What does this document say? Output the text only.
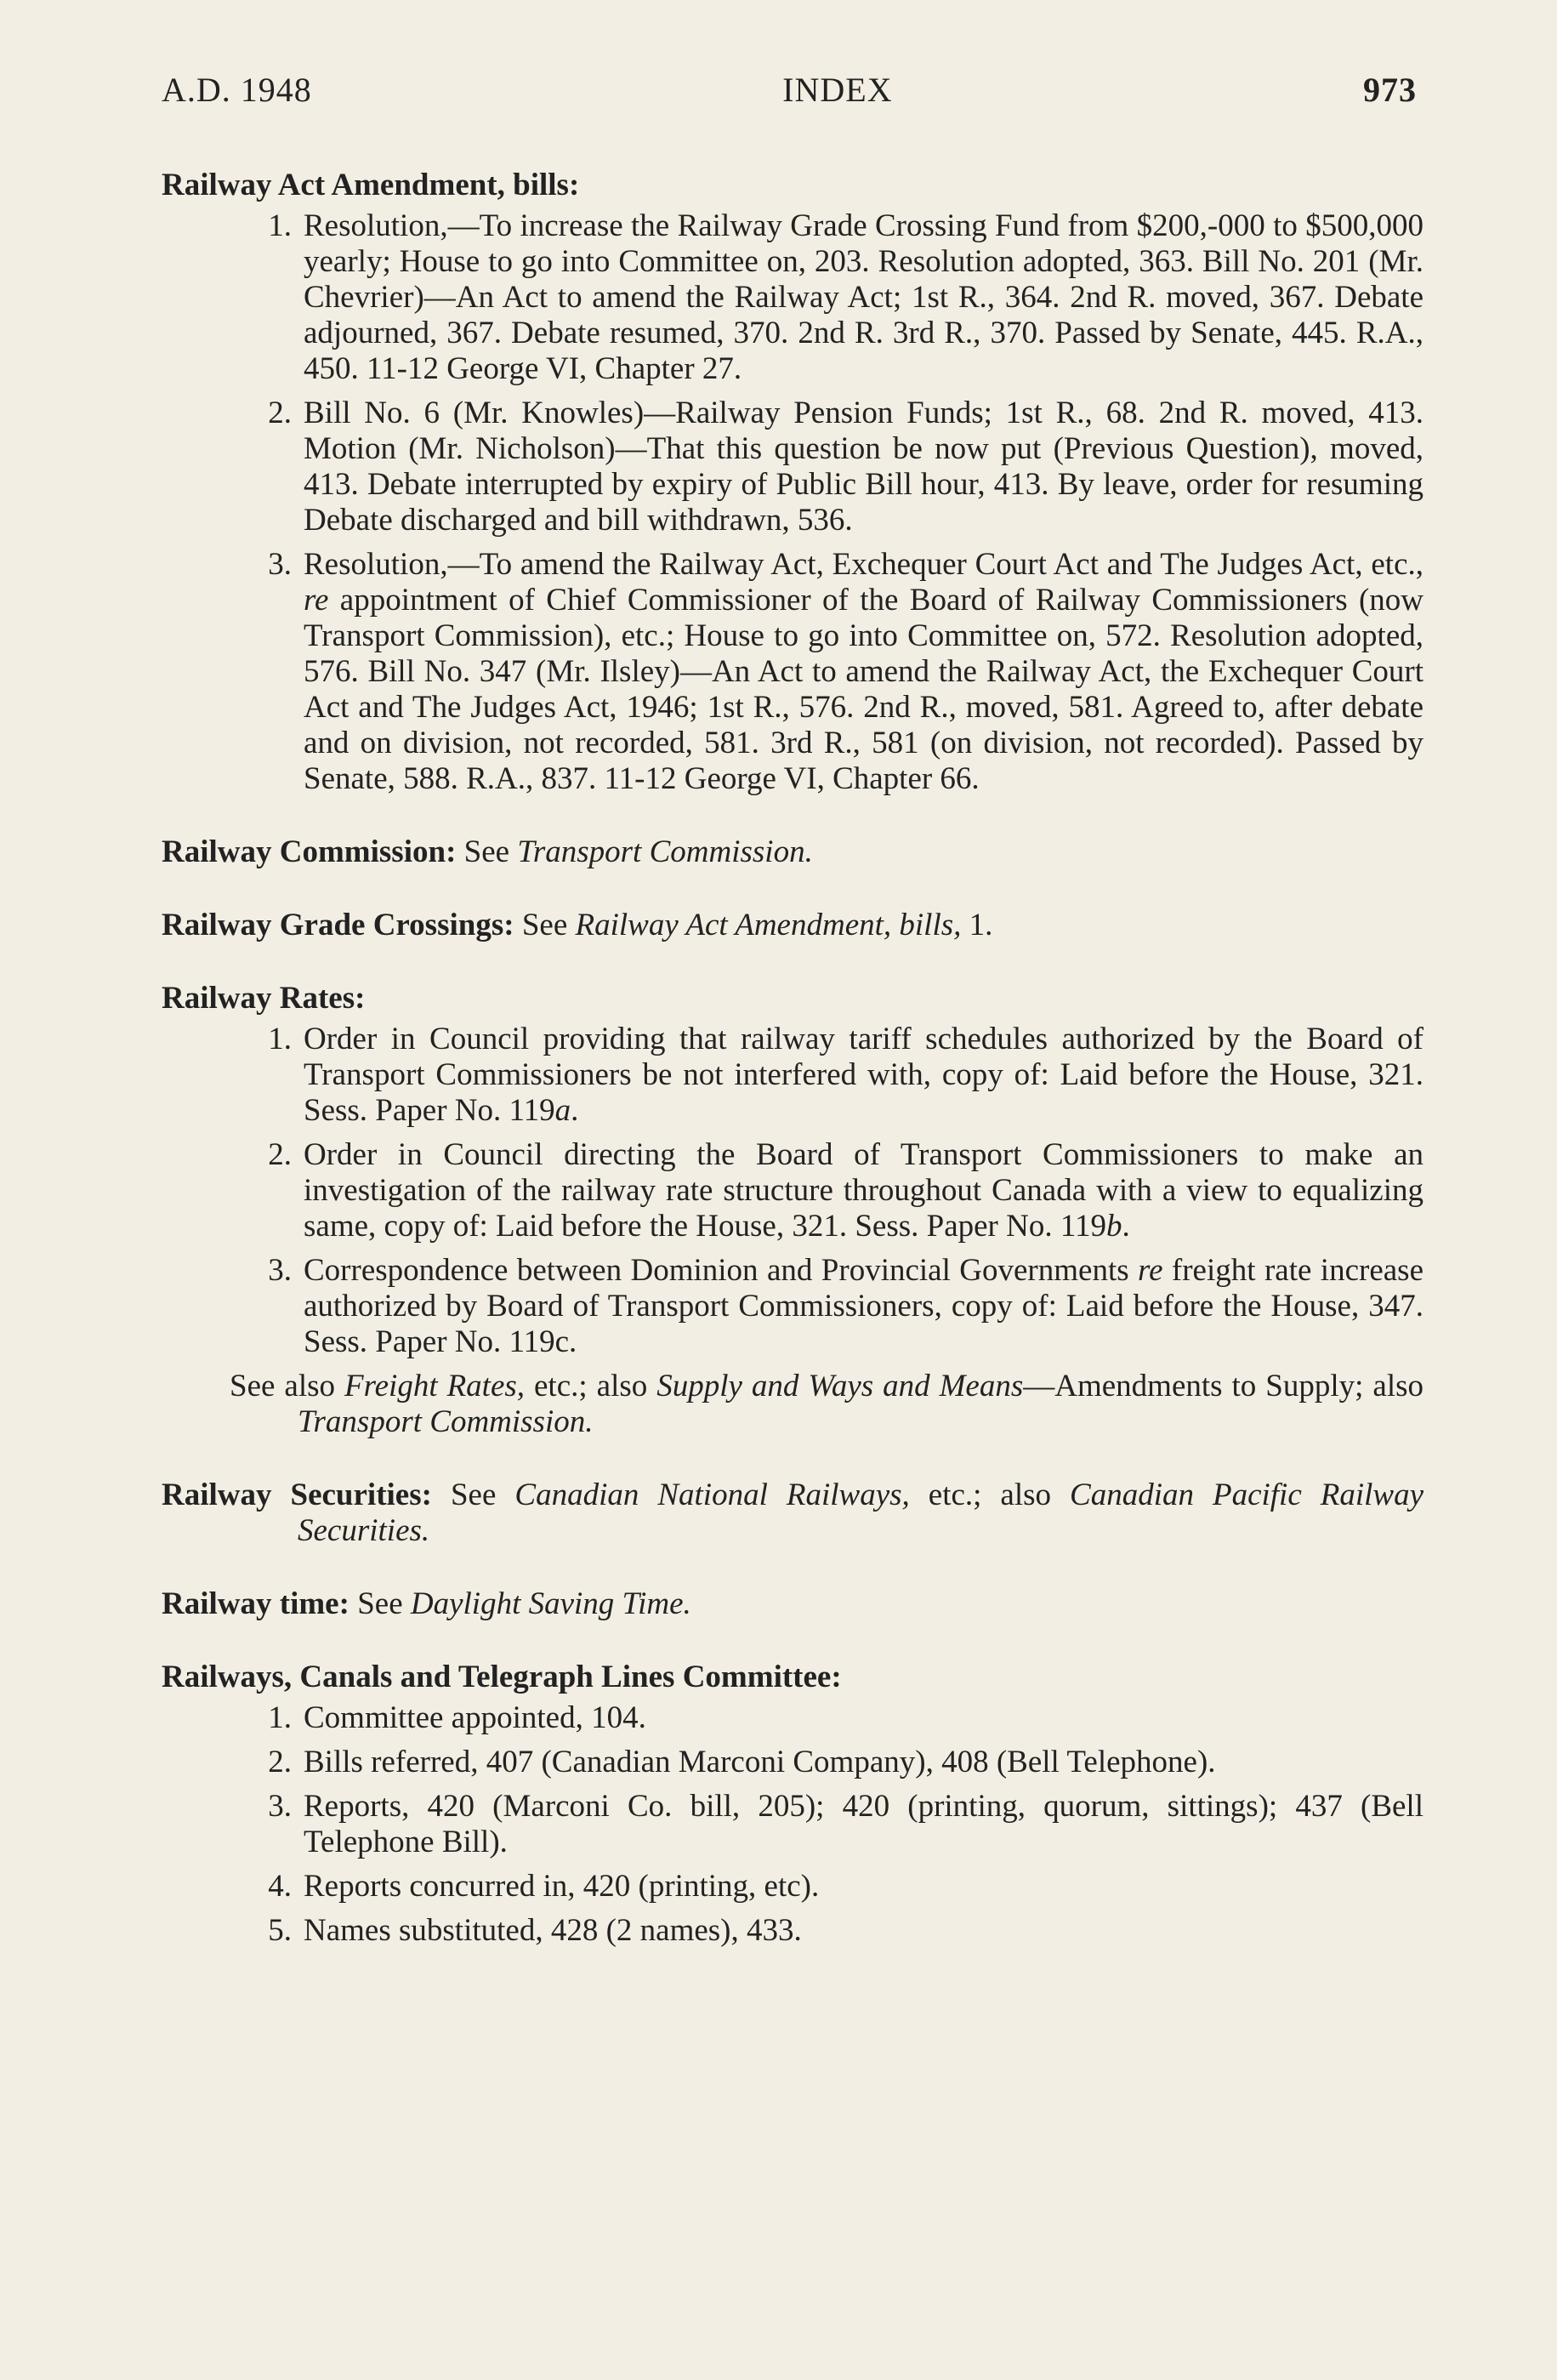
A.D. 1948	INDEX	973
Railway Act Amendment, bills:
1. Resolution,—To increase the Railway Grade Crossing Fund from $200,-000 to $500,000 yearly; House to go into Committee on, 203. Resolution adopted, 363. Bill No. 201 (Mr. Chevrier)—An Act to amend the Railway Act; 1st R., 364. 2nd R. moved, 367. Debate adjourned, 367. Debate resumed, 370. 2nd R. 3rd R., 370. Passed by Senate, 445. R.A., 450. 11-12 George VI, Chapter 27.
2. Bill No. 6 (Mr. Knowles)—Railway Pension Funds; 1st R., 68. 2nd R. moved, 413. Motion (Mr. Nicholson)—That this question be now put (Previous Question), moved, 413. Debate interrupted by expiry of Public Bill hour, 413. By leave, order for resuming Debate discharged and bill withdrawn, 536.
3. Resolution,—To amend the Railway Act, Exchequer Court Act and The Judges Act, etc., re appointment of Chief Commissioner of the Board of Railway Commissioners (now Transport Commission), etc.; House to go into Committee on, 572. Resolution adopted, 576. Bill No. 347 (Mr. Ilsley)—An Act to amend the Railway Act, the Exchequer Court Act and The Judges Act, 1946; 1st R., 576. 2nd R., moved, 581. Agreed to, after debate and on division, not recorded, 581. 3rd R., 581 (on division, not recorded). Passed by Senate, 588. R.A., 837. 11-12 George VI, Chapter 66.
Railway Commission: See Transport Commission.
Railway Grade Crossings: See Railway Act Amendment, bills, 1.
Railway Rates:
1. Order in Council providing that railway tariff schedules authorized by the Board of Transport Commissioners be not interfered with, copy of: Laid before the House, 321. Sess. Paper No. 119a.
2. Order in Council directing the Board of Transport Commissioners to make an investigation of the railway rate structure throughout Canada with a view to equalizing same, copy of: Laid before the House, 321. Sess. Paper No. 119b.
3. Correspondence between Dominion and Provincial Governments re freight rate increase authorized by Board of Transport Commissioners, copy of: Laid before the House, 347. Sess. Paper No. 119c.
See also Freight Rates, etc.; also Supply and Ways and Means—Amendments to Supply; also Transport Commission.
Railway Securities: See Canadian National Railways, etc.; also Canadian Pacific Railway Securities.
Railway time: See Daylight Saving Time.
Railways, Canals and Telegraph Lines Committee:
1. Committee appointed, 104.
2. Bills referred, 407 (Canadian Marconi Company), 408 (Bell Telephone).
3. Reports, 420 (Marconi Co. bill, 205); 420 (printing, quorum, sittings); 437 (Bell Telephone Bill).
4. Reports concurred in, 420 (printing, etc).
5. Names substituted, 428 (2 names), 433.
